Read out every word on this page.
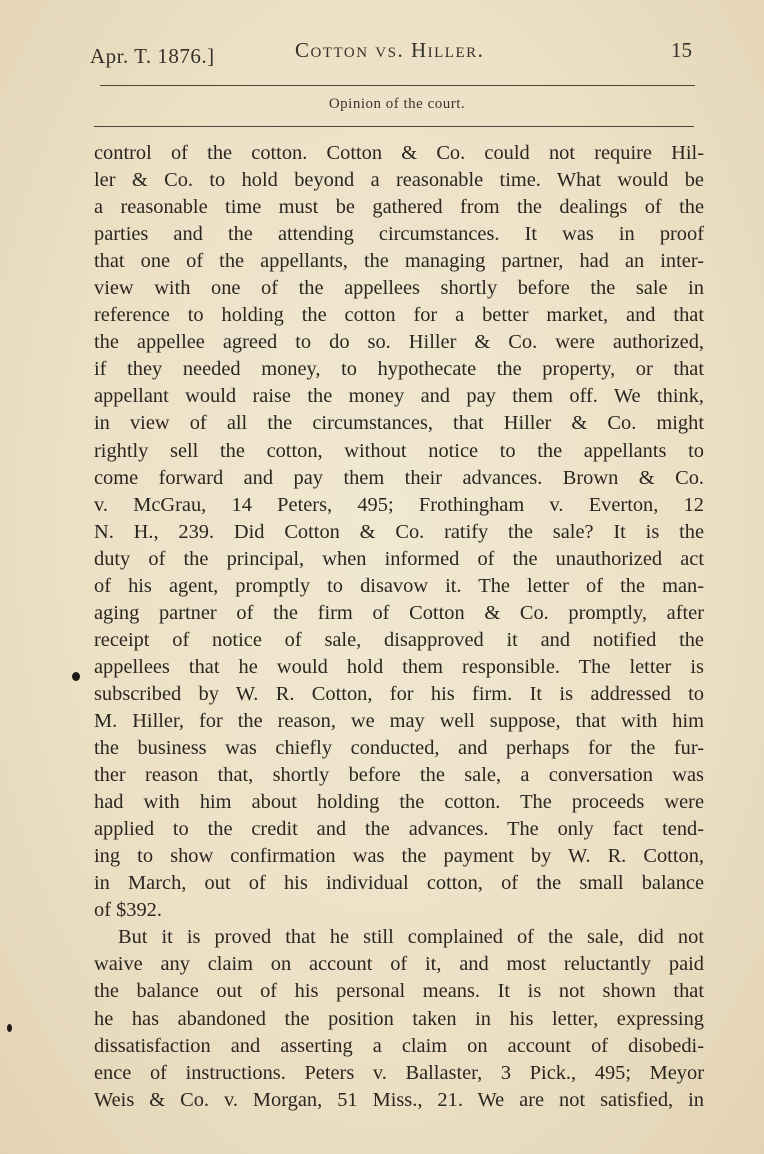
Apr. T. 1876.]	Cotton vs. Hiller.	15
Opinion of the court.
control of the cotton. Cotton & Co. could not require Hil-
ler & Co. to hold beyond a reasonable time. What would be
a reasonable time must be gathered from the dealings of the
parties and the attending circumstances. It was in proof
that one of the appellants, the managing partner, had an inter-
view with one of the appellees shortly before the sale in
reference to holding the cotton for a better market, and that
the appellee agreed to do so. Hiller & Co. were authorized,
if they needed money, to hypothecate the property, or that
appellant would raise the money and pay them off. We think,
in view of all the circumstances, that Hiller & Co. might
rightly sell the cotton, without notice to the appellants to
come forward and pay them their advances. Brown & Co.
v. McGrau, 14 Peters, 495; Frothingham v. Everton, 12
N. H., 239. Did Cotton & Co. ratify the sale? It is the
duty of the principal, when informed of the unauthorized act
of his agent, promptly to disavow it. The letter of the man-
aging partner of the firm of Cotton & Co. promptly, after
receipt of notice of sale, disapproved it and notified the
appellees that he would hold them responsible. The letter is
subscribed by W. R. Cotton, for his firm. It is addressed to
M. Hiller, for the reason, we may well suppose, that with him
the business was chiefly conducted, and perhaps for the fur-
ther reason that, shortly before the sale, a conversation was
had with him about holding the cotton. The proceeds were
applied to the credit and the advances. The only fact tend-
ing to show confirmation was the payment by W. R. Cotton,
in March, out of his individual cotton, of the small balance
of $392.
But it is proved that he still complained of the sale, did not
waive any claim on account of it, and most reluctantly paid
the balance out of his personal means. It is not shown that
he has abandoned the position taken in his letter, expressing
dissatisfaction and asserting a claim on account of disobedi-
ence of instructions. Peters v. Ballaster, 3 Pick., 495; Meyor
Weis & Co. v. Morgan, 51 Miss., 21. We are not satisfied, in
